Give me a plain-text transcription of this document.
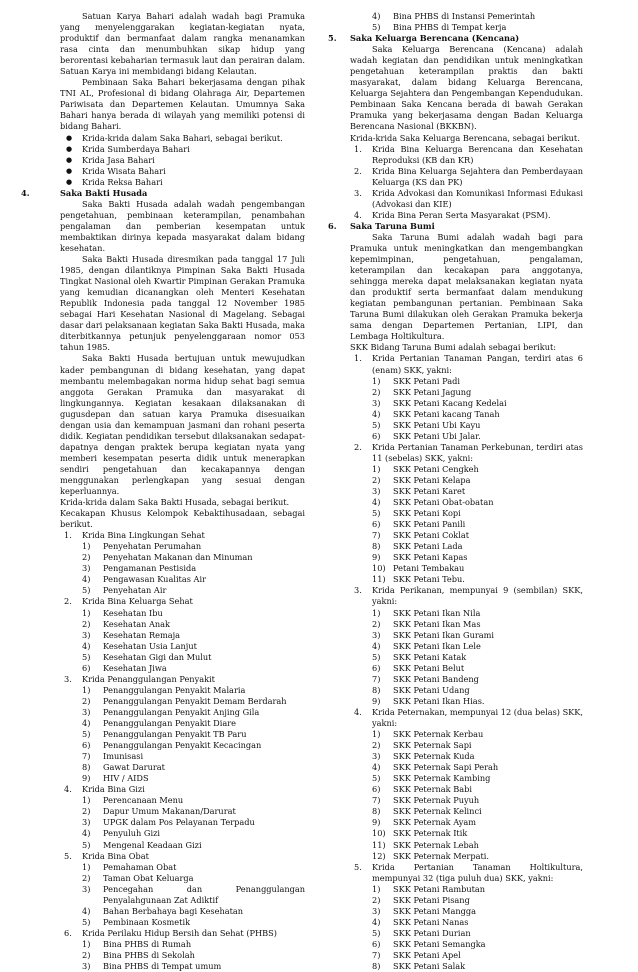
Satuan Karya Bahari adalah wadah bagi Pramuka yang menyelenggarakan kegiatan-kegiatan nyata, produktif dan bermanfaat dalam rangka menanamkan rasa cinta dan menumbuhkan sikap hidup yang berorentasi kebaharian termasuk laut dan perairan dalam. Satuan Karya ini membidangi bidang Kelautan.

Pembinaan Saka Bahari bekerjasama dengan pihak TNI AL, Profesional di bidang Olahraga Air, Departemen Pariwisata dan Departemen Kelautan. Umumnya Saka Bahari hanya berada di wilayah yang memiliki potensi di bidang Bahari.

● Krida-krida dalam Saka Bahari, sebagai berikut.

● Krida Sumberdaya Bahari

● Krida Jasa Bahari

● Krida Wisata Bahari

● Krida Reksa Bahari

4.	Saka Bakti Husada

Saka Bakti Husada adalah wadah pengembangan pengetahuan, pembinaan keterampilan, penambahan pengalaman dan pemberian kesempatan untuk membaktikan dirinya kepada masyarakat dalam bidang kesehatan.

Saka Bakti Husada diresmikan pada tanggal 17 Juli 1985, dengan dilantiknya Pimpinan Saka Bakti Husada Tingkat Nasional oleh Kwartir Pimpinan Gerakan Pramuka yang kemudian dicanangkan oleh Menteri Kesehatan Republik Indonesia pada tanggal 12 November 1985 sebagai Hari Kesehatan Nasional di Magelang. Sebagai dasar dari pelaksanaan kegiatan Saka Bakti Husada, maka diterbitkannya petunjuk penyelenggaraan nomor 053 tahun 1985.

Saka Bakti Husada bertujuan untuk mewujudkan kader pembangunan di bidang kesehatan, yang dapat membantu melembagakan norma hidup sehat bagi semua anggota Gerakan Pramuka dan masyarakat di lingkungannya. Kegiatan kesakaan dilaksanakan di gugusdepan dan satuan karya Pramuka disesuaikan dengan usia dan kemampuan jasmani dan rohani peserta didik. Kegiatan pendidikan tersebut dilaksanakan sedapat-dapatnya dengan praktek berupa kegiatan nyata yang memberi kesempatan peserta didik untuk menerapkan sendiri pengetahuan dan kecakapannya dengan menggunakan perlengkapan yang sesuai dengan keperluannya.

Krida-krida dalam Saka Bakti Husada, sebagai berikut.

Kecakapan Khusus Kelompok Kebaktihusadaan, sebagai berikut.

1. Krida Bina Lingkungan Sehat

1) Penyehatan Perumahan

2) Penyehatan Makanan dan Minuman

3) Pengamanan Pestisida

4) Pengawasan Kualitas Air

5) Penyehatan Air

2. Krida Bina Keluarga Sehat

1) Kesehatan Ibu

2) Kesehatan Anak

3) Kesehatan Remaja

4) Kesehatan Usia Lanjut

5) Kesehatan Gigi dan Mulut

6) Kesehatan Jiwa

3. Krida Penanggulangan Penyakit

1) Penanggulangan Penyakit Malaria

2) Penanggulangan Penyakit Demam Berdarah

3) Penanggulangan Penyakit Anjing Gila

4) Penanggulangan Penyakit Diare

5) Penanggulangan Penyakit TB Paru

6) Penanggulangan Penyakit Kecacingan

7) Imunisasi

8) Gawat Darurat

9) HIV / AIDS

4. Krida Bina Gizi

1) Perencanaan Menu

2) Dapur Umum Makanan/Darurat

3) UPGK dalam Pos Pelayanan Terpadu

4) Penyuluh Gizi

5) Mengenal Keadaan Gizi

5. Krida Bina Obat

1) Pemahaman Obat

2) Taman Obat Keluarga

3) Pencegahan dan Penanggulangan Penyalahgunaan Zat Adiktif

4) Bahan Berbahaya bagi Kesehatan

5) Pembinaan Kosmetik

6. Krida Perilaku Hidup Bersih dan Sehat (PHBS)

1) Bina PHBS di Rumah

2) Bina PHBS di Sekolah

3) Bina PHBS di Tempat umum

4) Bina PHBS di Instansi Pemerintah

5) Bina PHBS di Tempat kerja

5. Saka Keluarga Berencana (Kencana)

Saka Keluarga Berencana (Kencana) adalah wadah kegiatan dan pendidikan untuk meningkatkan pengetahuan keterampilan praktis dan bakti masyarakat, dalam bidang Keluarga Berencana, Keluarga Sejahtera dan Pengembangan Kependudukan. Pembinaan Saka Kencana berada di bawah Gerakan Pramuka yang bekerjasama dengan Badan Keluarga Berencana Nasional (BKKBN).

Krida-krida Saka Keluarga Berencana, sebagai berikut.

1. Krida Bina Keluarga Berencana dan Kesehatan Reproduksi (KB dan KR)

2. Krida Bina Keluarga Sejahtera dan Pemberdayaan Keluarga (KS dan PK)

3. Krida Advokasi dan Komunikasi Informasi Edukasi (Advokasi dan KIE)

4. Krida Bina Peran Serta Masyarakat (PSM).

6. Saka Taruna Bumi

Saka Taruna Bumi adalah wadah bagi para Pramuka untuk meningkatkan dan mengembangkan kepemimpinan, pengetahuan, pengalaman, keterampilan dan kecakapan para anggotanya, sehingga mereka dapat melaksanakan kegiatan nyata dan produktif serta bermanfaat dalam mendukung kegiatan pembangunan pertanian. Pembinaan Saka Taruna Bumi dilakukan oleh Gerakan Pramuka bekerja sama dengan Departemen Pertanian, LIPI, dan Lembaga Holtikultura.

SKK Bidang Taruna Bumi adalah sebagai berikut:

1. Krida Pertanian Tanaman Pangan, terdiri atas 6 (enam) SKK, yakni:

1) SKK Petani Padi

2) SKK Petani Jagung

3) SKK Petani Kacang Kedelai

4) SKK Petani kacang Tanah

5) SKK Petani Ubi Kayu

6) SKK Petani Ubi Jalar.

2. Krida Pertanian Tanaman Perkebunan, terdiri atas 11 (sebelas) SKK, yakni:

1) SKK Petani Cengkeh

2) SKK Petani Kelapa

3) SKK Petani Karet

4) SKK Petani Obat-obatan

5) SKK Petani Kopi

6) SKK Petani Panili

7) SKK Petani Coklat

8) SKK Petani Lada

9) SKK Petani Kapas

10) Petani Tembakau

11) SKK Petani Tebu.

3. Krida Perikanan, mempunyai 9 (sembilan) SKK, yakni:

1) SKK Petani Ikan Nila

2) SKK Petani Ikan Mas

3) SKK Petani Ikan Gurami

4) SKK Petani Ikan Lele

5) SKK Petani Katak

6) SKK Petani Belut

7) SKK Petani Bandeng

8) SKK Petani Udang

9) SKK Petani Ikan Hias.

4. Krida Peternakan, mempunyai 12 (dua belas) SKK, yakni:

1) SKK Peternak Kerbau

2) SKK Peternak Sapi

3) SKK Peternak Kuda

4) SKK Peternak Sapi Perah

5) SKK Peternak Kambing

6) SKK Peternak Babi

7) SKK Peternak Puyuh

8) SKK Peternak Kelinci

9) SKK Peternak Ayam

10) SKK Peternak Itik

11) SKK Peternak Lebah

12) SKK Peternak Merpati.

5. Krida Pertanian Tanaman Holtikultura, mempunyai 32 (tiga puluh dua) SKK, yakni:

1) SKK Petani Rambutan

2) SKK Petani Pisang

3) SKK Petani Mangga

4) SKK Petani Nanas

5) SKK Petani Durian

6) SKK Petani Semangka

7) SKK Petani Apel

8) SKK Petani Salak
